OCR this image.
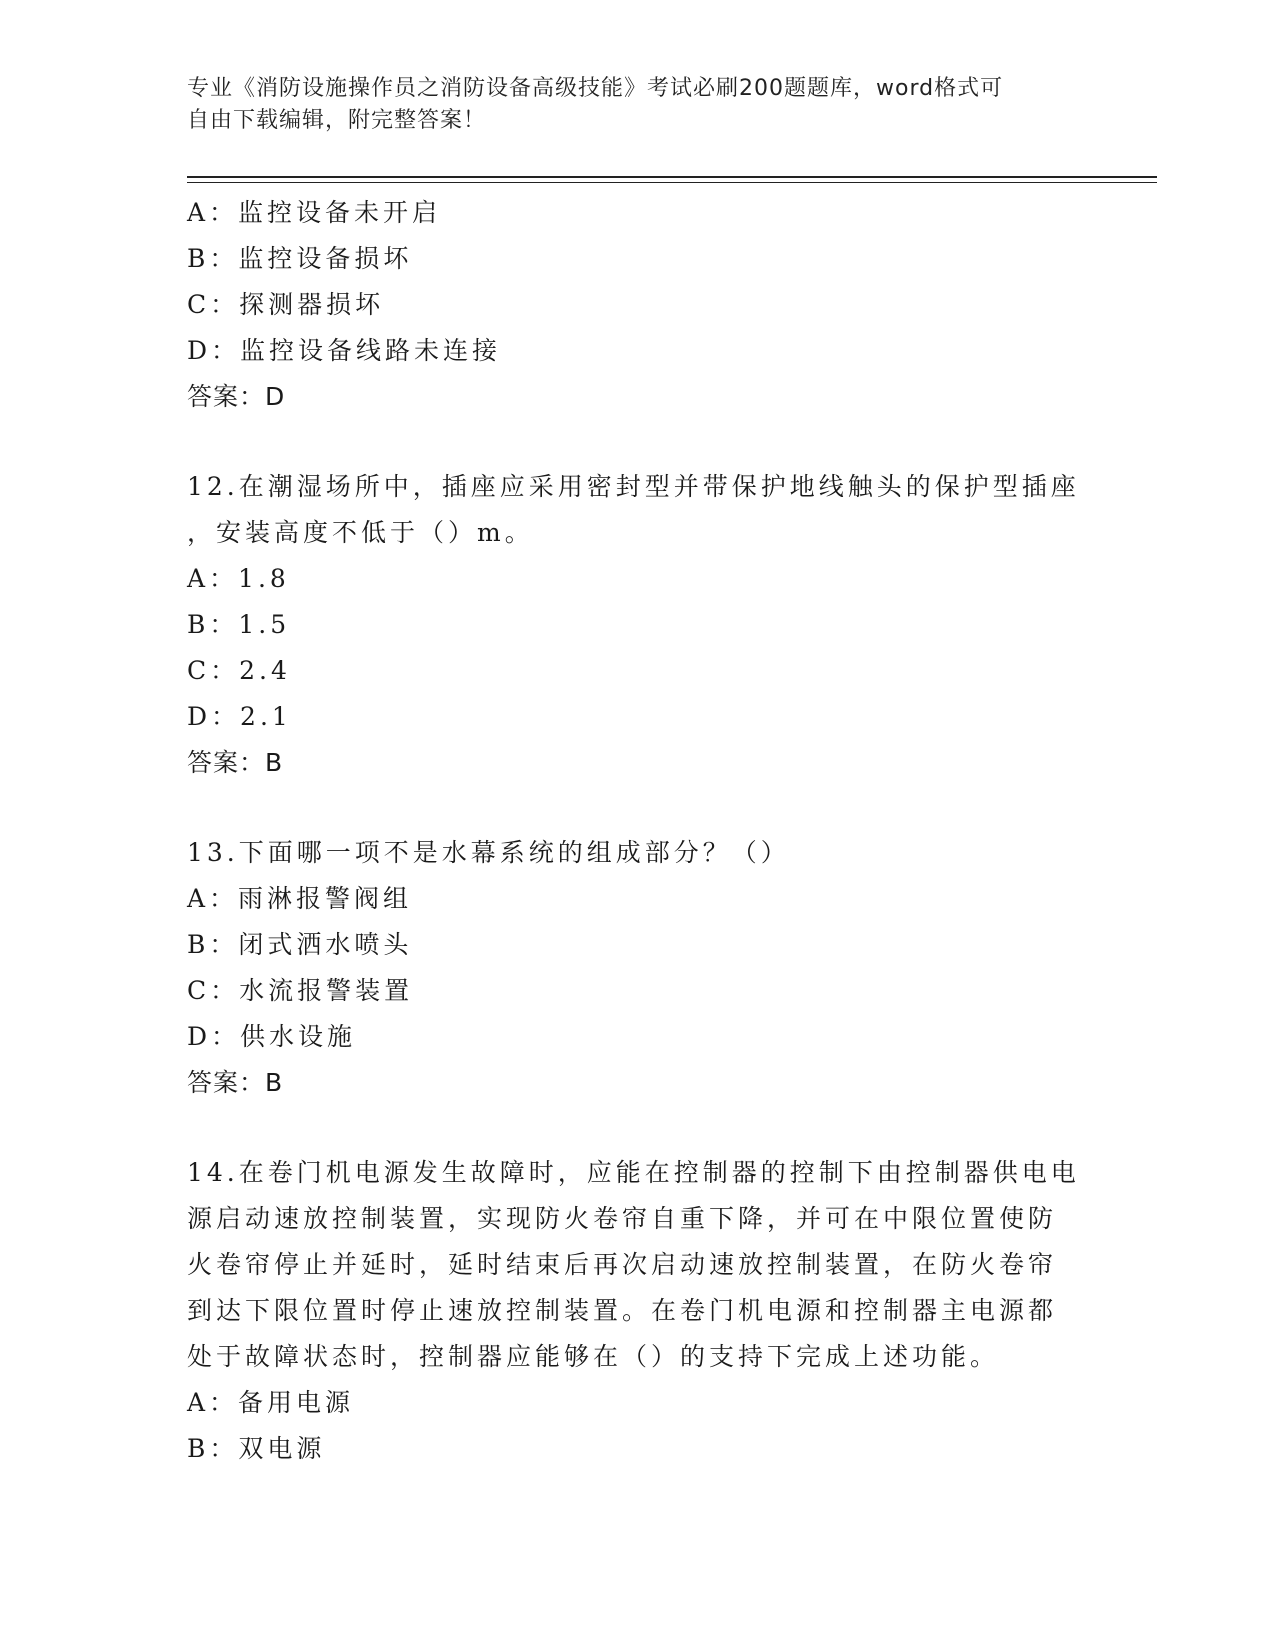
专业《消防设施操作员之消防设备高级技能》考试必刷200题题库，word格式可
自由下载编辑，附完整答案！
A：监控设备未开启
B：监控设备损坏
C：探测器损坏
D：监控设备线路未连接
答案：D
12.在潮湿场所中，插座应采用密封型并带保护地线触头的保护型插座
，安装高度不低于（）m。
A：1.8
B：1.5
C：2.4
D：2.1
答案：B
13.下面哪一项不是水幕系统的组成部分？（）
A：雨淋报警阀组
B：闭式洒水喷头
C：水流报警装置
D：供水设施
答案：B
14.在卷门机电源发生故障时，应能在控制器的控制下由控制器供电电
源启动速放控制装置，实现防火卷帘自重下降，并可在中限位置使防
火卷帘停止并延时，延时结束后再次启动速放控制装置，在防火卷帘
到达下限位置时停止速放控制装置。在卷门机电源和控制器主电源都
处于故障状态时，控制器应能够在（）的支持下完成上述功能。
A：备用电源
B：双电源
